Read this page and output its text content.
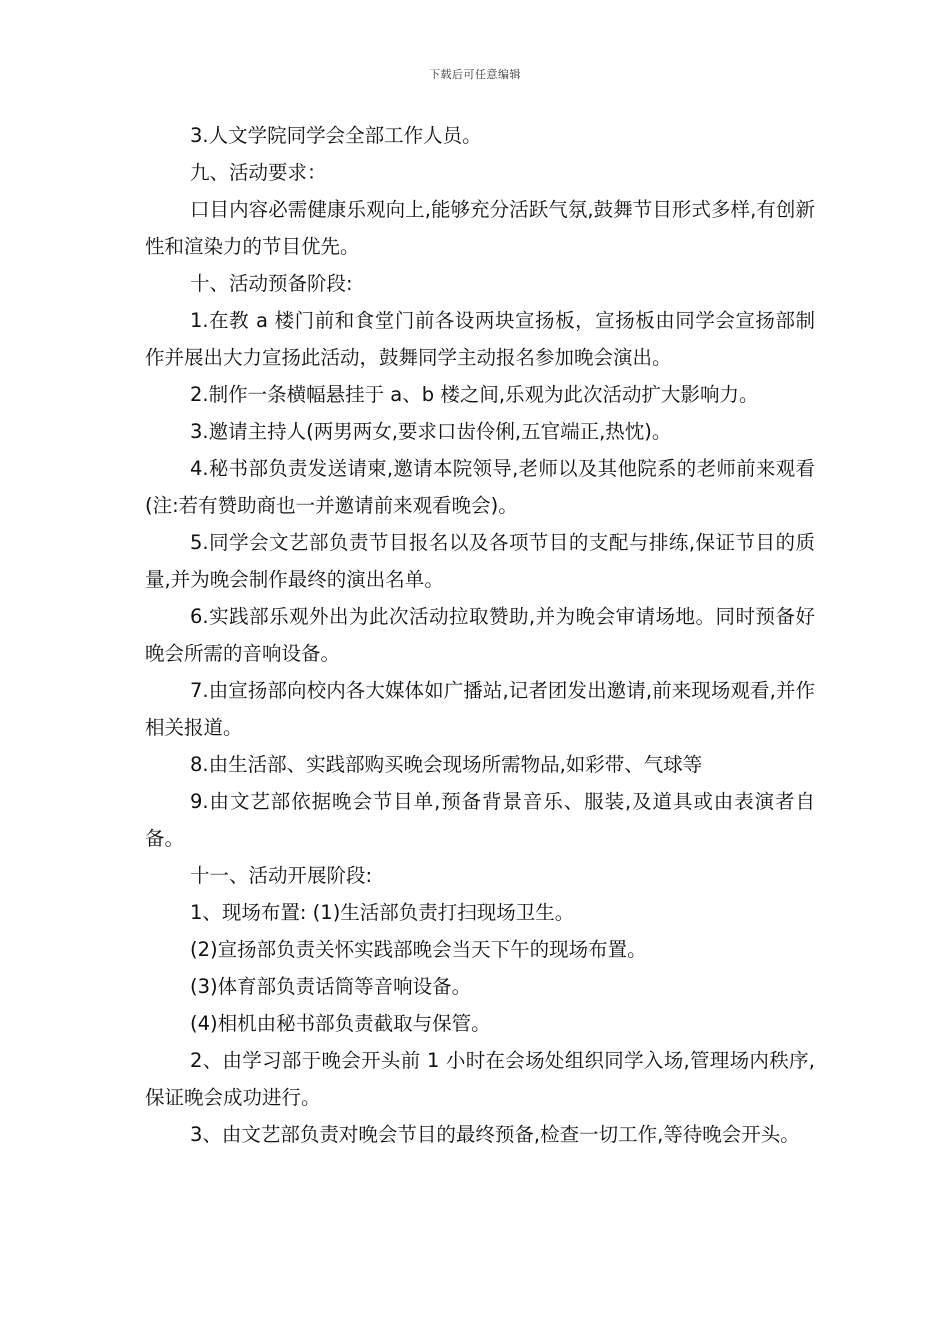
下载后可任意编辑

3.人文学院同学会全部工作人员。

九、活动要求：

口目内容必需健康乐观向上,能够充分活跃气氛,鼓舞节目形式多样,有创新性和渲染力的节目优先。

十、活动预备阶段:

1.在教 a 楼门前和食堂门前各设两块宣扬板，宣扬板由同学会宣扬部制作并展出大力宣扬此活动，鼓舞同学主动报名参加晚会演出。

2.制作一条横幅悬挂于 a、b 楼之间,乐观为此次活动扩大影响力。

3.邀请主持人(两男两女,要求口齿伶俐,五官端正,热忱)。

4.秘书部负责发送请柬,邀请本院领导,老师以及其他院系的老师前来观看(注:若有赞助商也一并邀请前来观看晚会)。

5.同学会文艺部负责节目报名以及各项节目的支配与排练,保证节目的质量,并为晚会制作最终的演出名单。

6.实践部乐观外出为此次活动拉取赞助,并为晚会审请场地。同时预备好晚会所需的音响设备。

7.由宣扬部向校内各大媒体如广播站,记者团发出邀请,前来现场观看,并作相关报道。

8.由生活部、实践部购买晚会现场所需物品,如彩带、气球等

9.由文艺部依据晚会节目单,预备背景音乐、服装,及道具或由表演者自备。

十一、活动开展阶段:

1、现场布置: (1)生活部负责打扫现场卫生。

(2)宣扬部负责关怀实践部晚会当天下午的现场布置。

(3)体育部负责话筒等音响设备。

(4)相机由秘书部负责截取与保管。

2、由学习部于晚会开头前 1 小时在会场处组织同学入场,管理场内秩序,保证晚会成功进行。

3、由文艺部负责对晚会节目的最终预备,检查一切工作,等待晚会开头。
